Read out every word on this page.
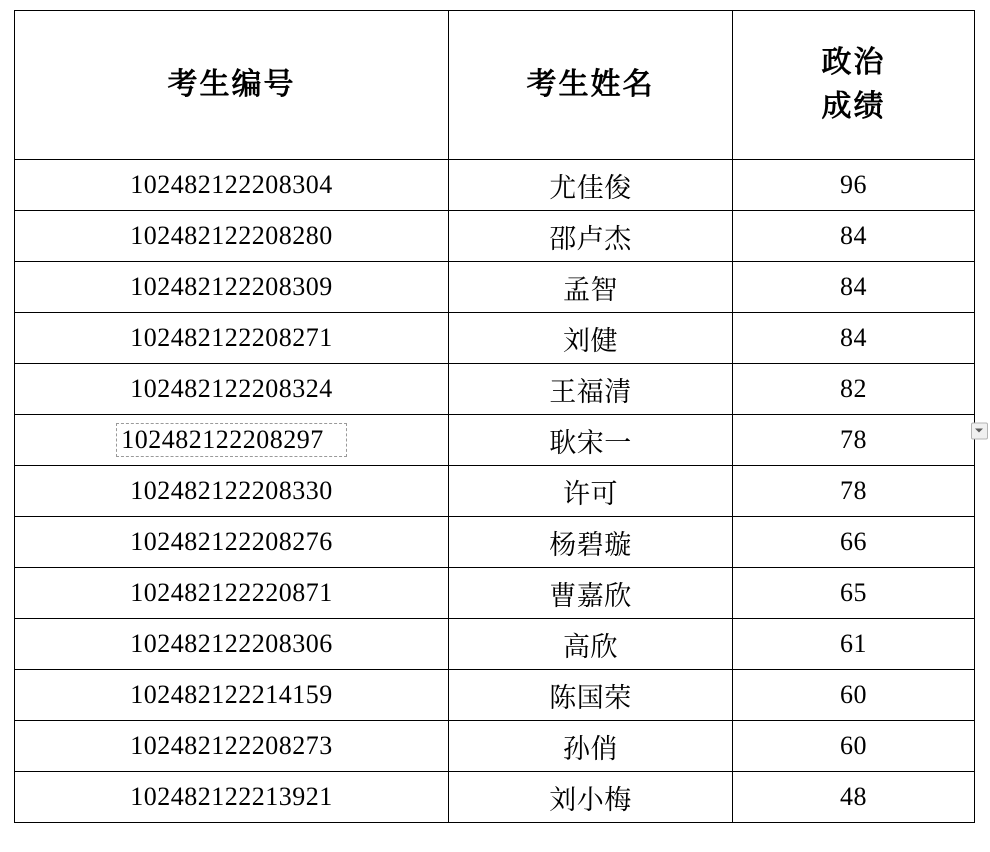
考生编号	考生姓名	政治
成绩

102482122208304	尤佳俊	96
102482122208280	邵卢杰	84
102482122208309	孟智	84
102482122208271	刘健	84
102482122208324	王福清	82
102482122208297	耿宋一	78
102482122208330	许可	78
102482122208276	杨碧璇	66
102482122220871	曹嘉欣	65
102482122208306	高欣	61
102482122214159	陈国荣	60
102482122208273	孙俏	60
102482122213921	刘小梅	48
